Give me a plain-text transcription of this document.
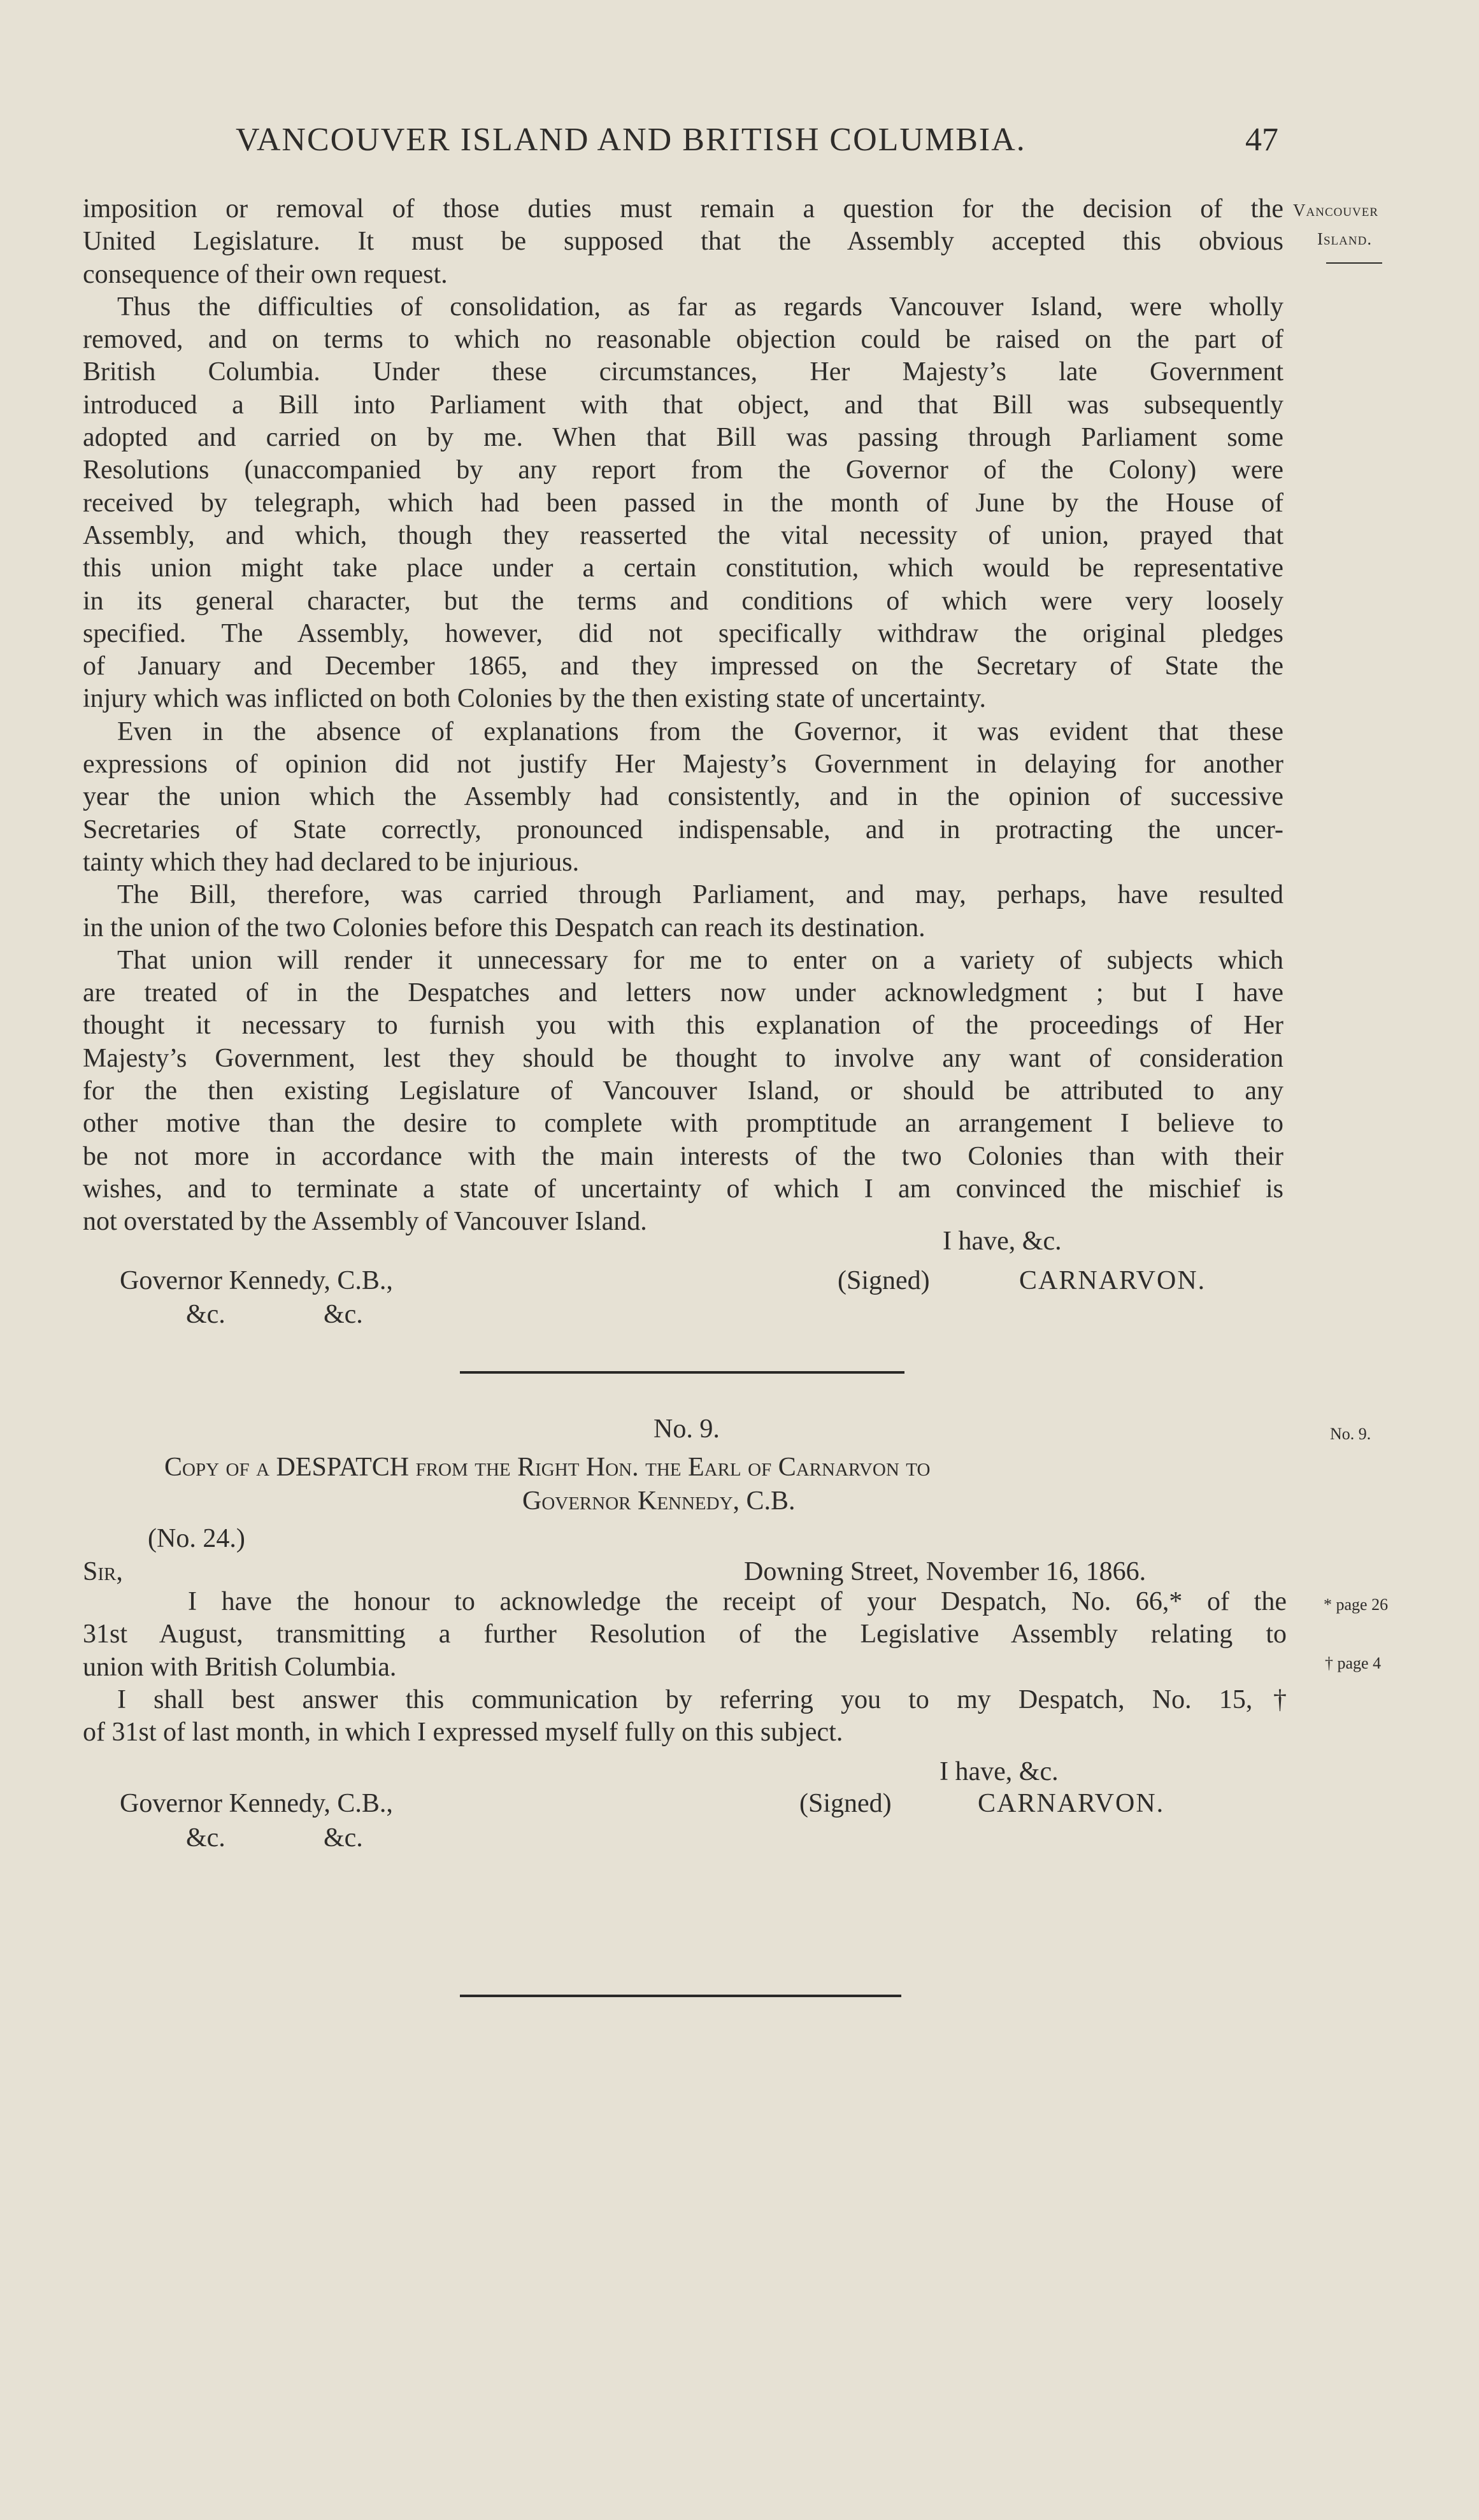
VANCOUVER ISLAND AND BRITISH COLUMBIA.	47
Vancouver
Island.
No. 9.
* page 26
† page 4

imposition or removal of those duties must remain a question for the decision of the

United Legislature. It must be supposed that the Assembly accepted this obvious

consequence of their own request.

Thus the difficulties of consolidation, as far as regards Vancouver Island, were wholly

removed, and on terms to which no reasonable objection could be raised on the part of

British Columbia. Under these circumstances, Her Majesty’s late Government

introduced a Bill into Parliament with that object, and that Bill was subsequently

adopted and carried on by me. When that Bill was passing through Parliament some

Resolutions (unaccompanied by any report from the Governor of the Colony) were

received by telegraph, which had been passed in the month of June by the House of

Assembly, and which, though they reasserted the vital necessity of union, prayed that

this union might take place under a certain constitution, which would be representative

in its general character, but the terms and conditions of which were very loosely

specified. The Assembly, however, did not specifically withdraw the original pledges

of January and December 1865, and they impressed on the Secretary of State the

injury which was inflicted on both Colonies by the then existing state of uncertainty.

Even in the absence of explanations from the Governor, it was evident that these

expressions of opinion did not justify Her Majesty’s Government in delaying for another

year the union which the Assembly had consistently, and in the opinion of successive

Secretaries of State correctly, pronounced indispensable, and in protracting the uncer-

tainty which they had declared to be injurious.

The Bill, therefore, was carried through Parliament, and may, perhaps, have resulted

in the union of the two Colonies before this Despatch can reach its destination.

That union will render it unnecessary for me to enter on a variety of subjects which

are treated of in the Despatches and letters now under acknowledgment ; but I have

thought it necessary to furnish you with this explanation of the proceedings of Her

Majesty’s Government, lest they should be thought to involve any want of consideration

for the then existing Legislature of Vancouver Island, or should be attributed to any

other motive than the desire to complete with promptitude an arrangement I believe to

be not more in accordance with the main interests of the two Colonies than with their

wishes, and to terminate a state of uncertainty of which I am convinced the mischief is

not overstated by the Assembly of Vancouver Island.

I have, &c.
Governor Kennedy, C.B.,	(Signed)	CARNARVON.
&c.	&c.
No. 9.
Copy of a DESPATCH from the Right Hon. the Earl of Carnarvon to
Governor Kennedy, C.B.
(No. 24.)
Sir,	Downing Street, November 16, 1866.

I have the honour to acknowledge the receipt of your Despatch, No. 66,* of the

31st August, transmitting a further Resolution of the Legislative Assembly relating to

union with British Columbia.

I shall best answer this communication by referring you to my Despatch, No. 15,†

of 31st of last month, in which I expressed myself fully on this subject.

I have, &c.
Governor Kennedy, C.B.,	(Signed)	CARNARVON.
&c.	&c.
